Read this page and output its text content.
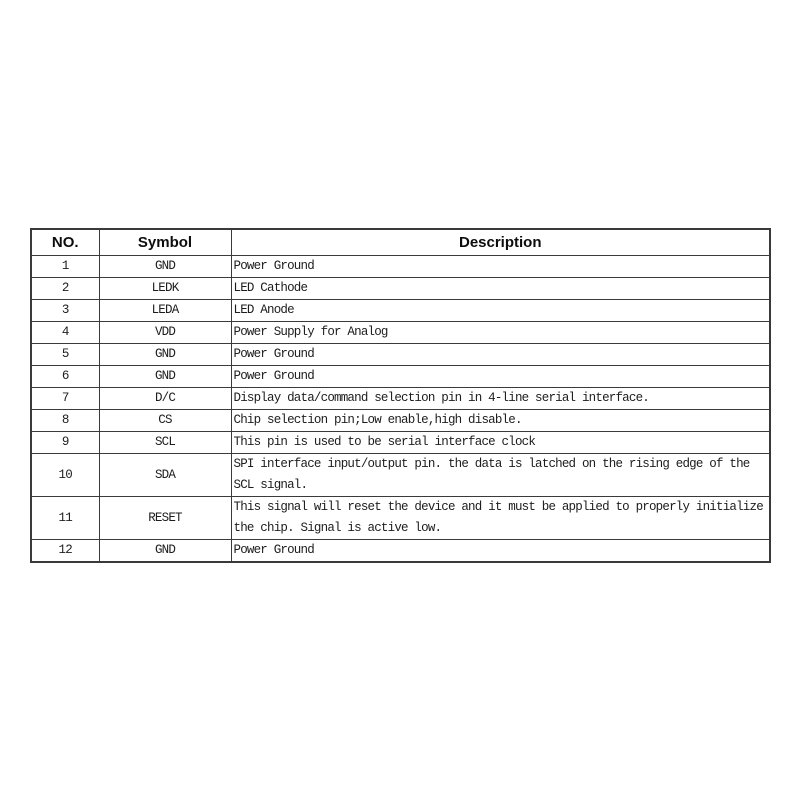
NO.	Symbol	Description
1	GND	Power Ground

2	LEDK	LED Cathode

3	LEDA	LED Anode

4	VDD	Power Supply for Analog

5	GND	Power Ground

6	GND	Power Ground

7	D/C	Display data/command selection pin in 4-line serial interface.

8	CS	Chip selection pin;Low enable,high disable.

9	SCL	This pin is used to be serial interface clock

10	SDA	SPI interface input/output pin. the data is latched on the rising edge of the
SCL signal.

11	RESET	This signal will reset the device and it must be applied to properly initialize
the chip. Signal is active low.

12	GND	Power Ground
